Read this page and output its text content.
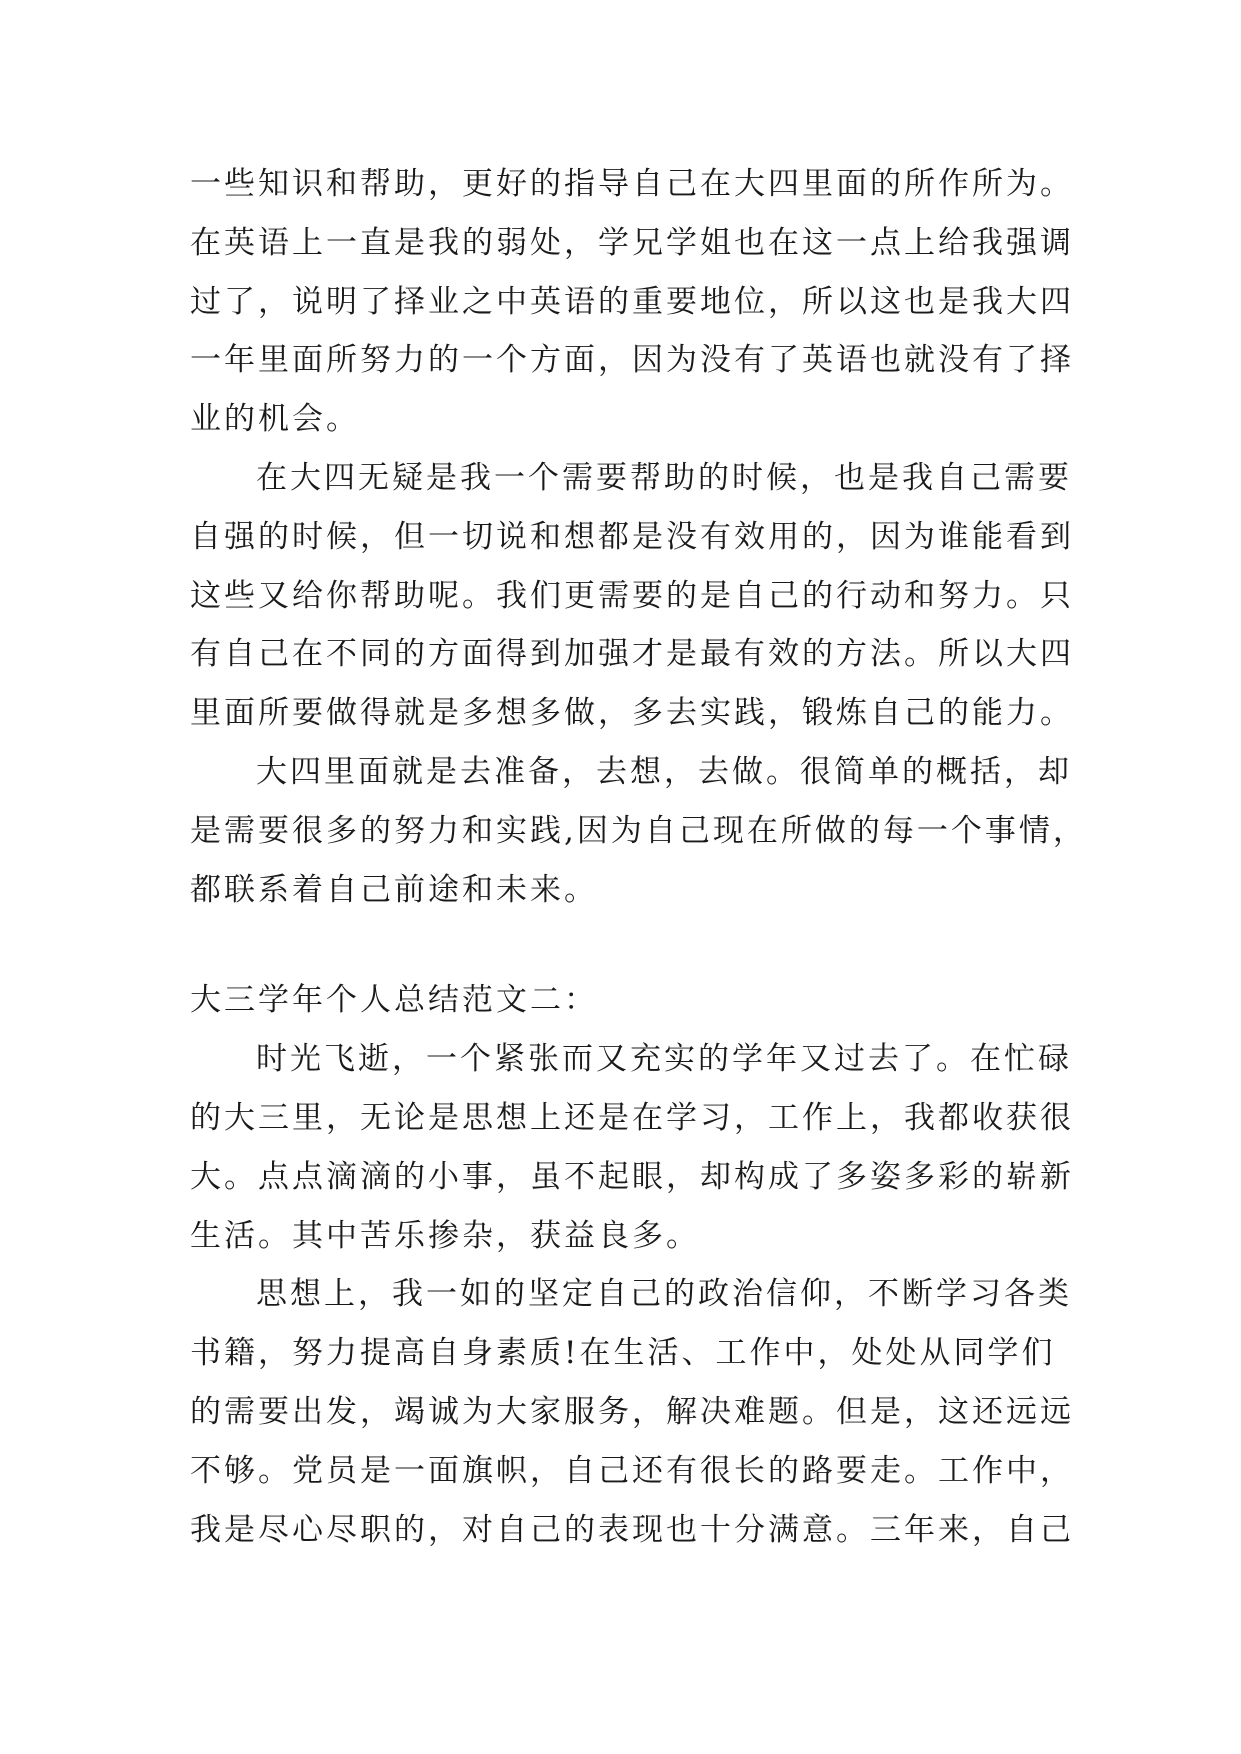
一些知识和帮助，更好的指导自己在大四里面的所作所为。
在英语上一直是我的弱处，学兄学姐也在这一点上给我强调
过了，说明了择业之中英语的重要地位，所以这也是我大四
一年里面所努力的一个方面，因为没有了英语也就没有了择
业的机会。
在大四无疑是我一个需要帮助的时候，也是我自己需要
自强的时候，但一切说和想都是没有效用的，因为谁能看到
这些又给你帮助呢。我们更需要的是自己的行动和努力。只
有自己在不同的方面得到加强才是最有效的方法。所以大四
里面所要做得就是多想多做，多去实践，锻炼自己的能力。
大四里面就是去准备，去想，去做。很简单的概括，却
是需要很多的努力和实践,因为自己现在所做的每一个事情，
都联系着自己前途和未来。
大三学年个人总结范文二：
时光飞逝，一个紧张而又充实的学年又过去了。在忙碌
的大三里，无论是思想上还是在学习，工作上，我都收获很
大。点点滴滴的小事，虽不起眼，却构成了多姿多彩的崭新
生活。其中苦乐掺杂，获益良多。
思想上，我一如的坚定自己的政治信仰，不断学习各类
书籍，努力提高自身素质!在生活、工作中，处处从同学们
的需要出发，竭诚为大家服务，解决难题。但是，这还远远
不够。党员是一面旗帜，自己还有很长的路要走。工作中，
我是尽心尽职的，对自己的表现也十分满意。三年来，自己
